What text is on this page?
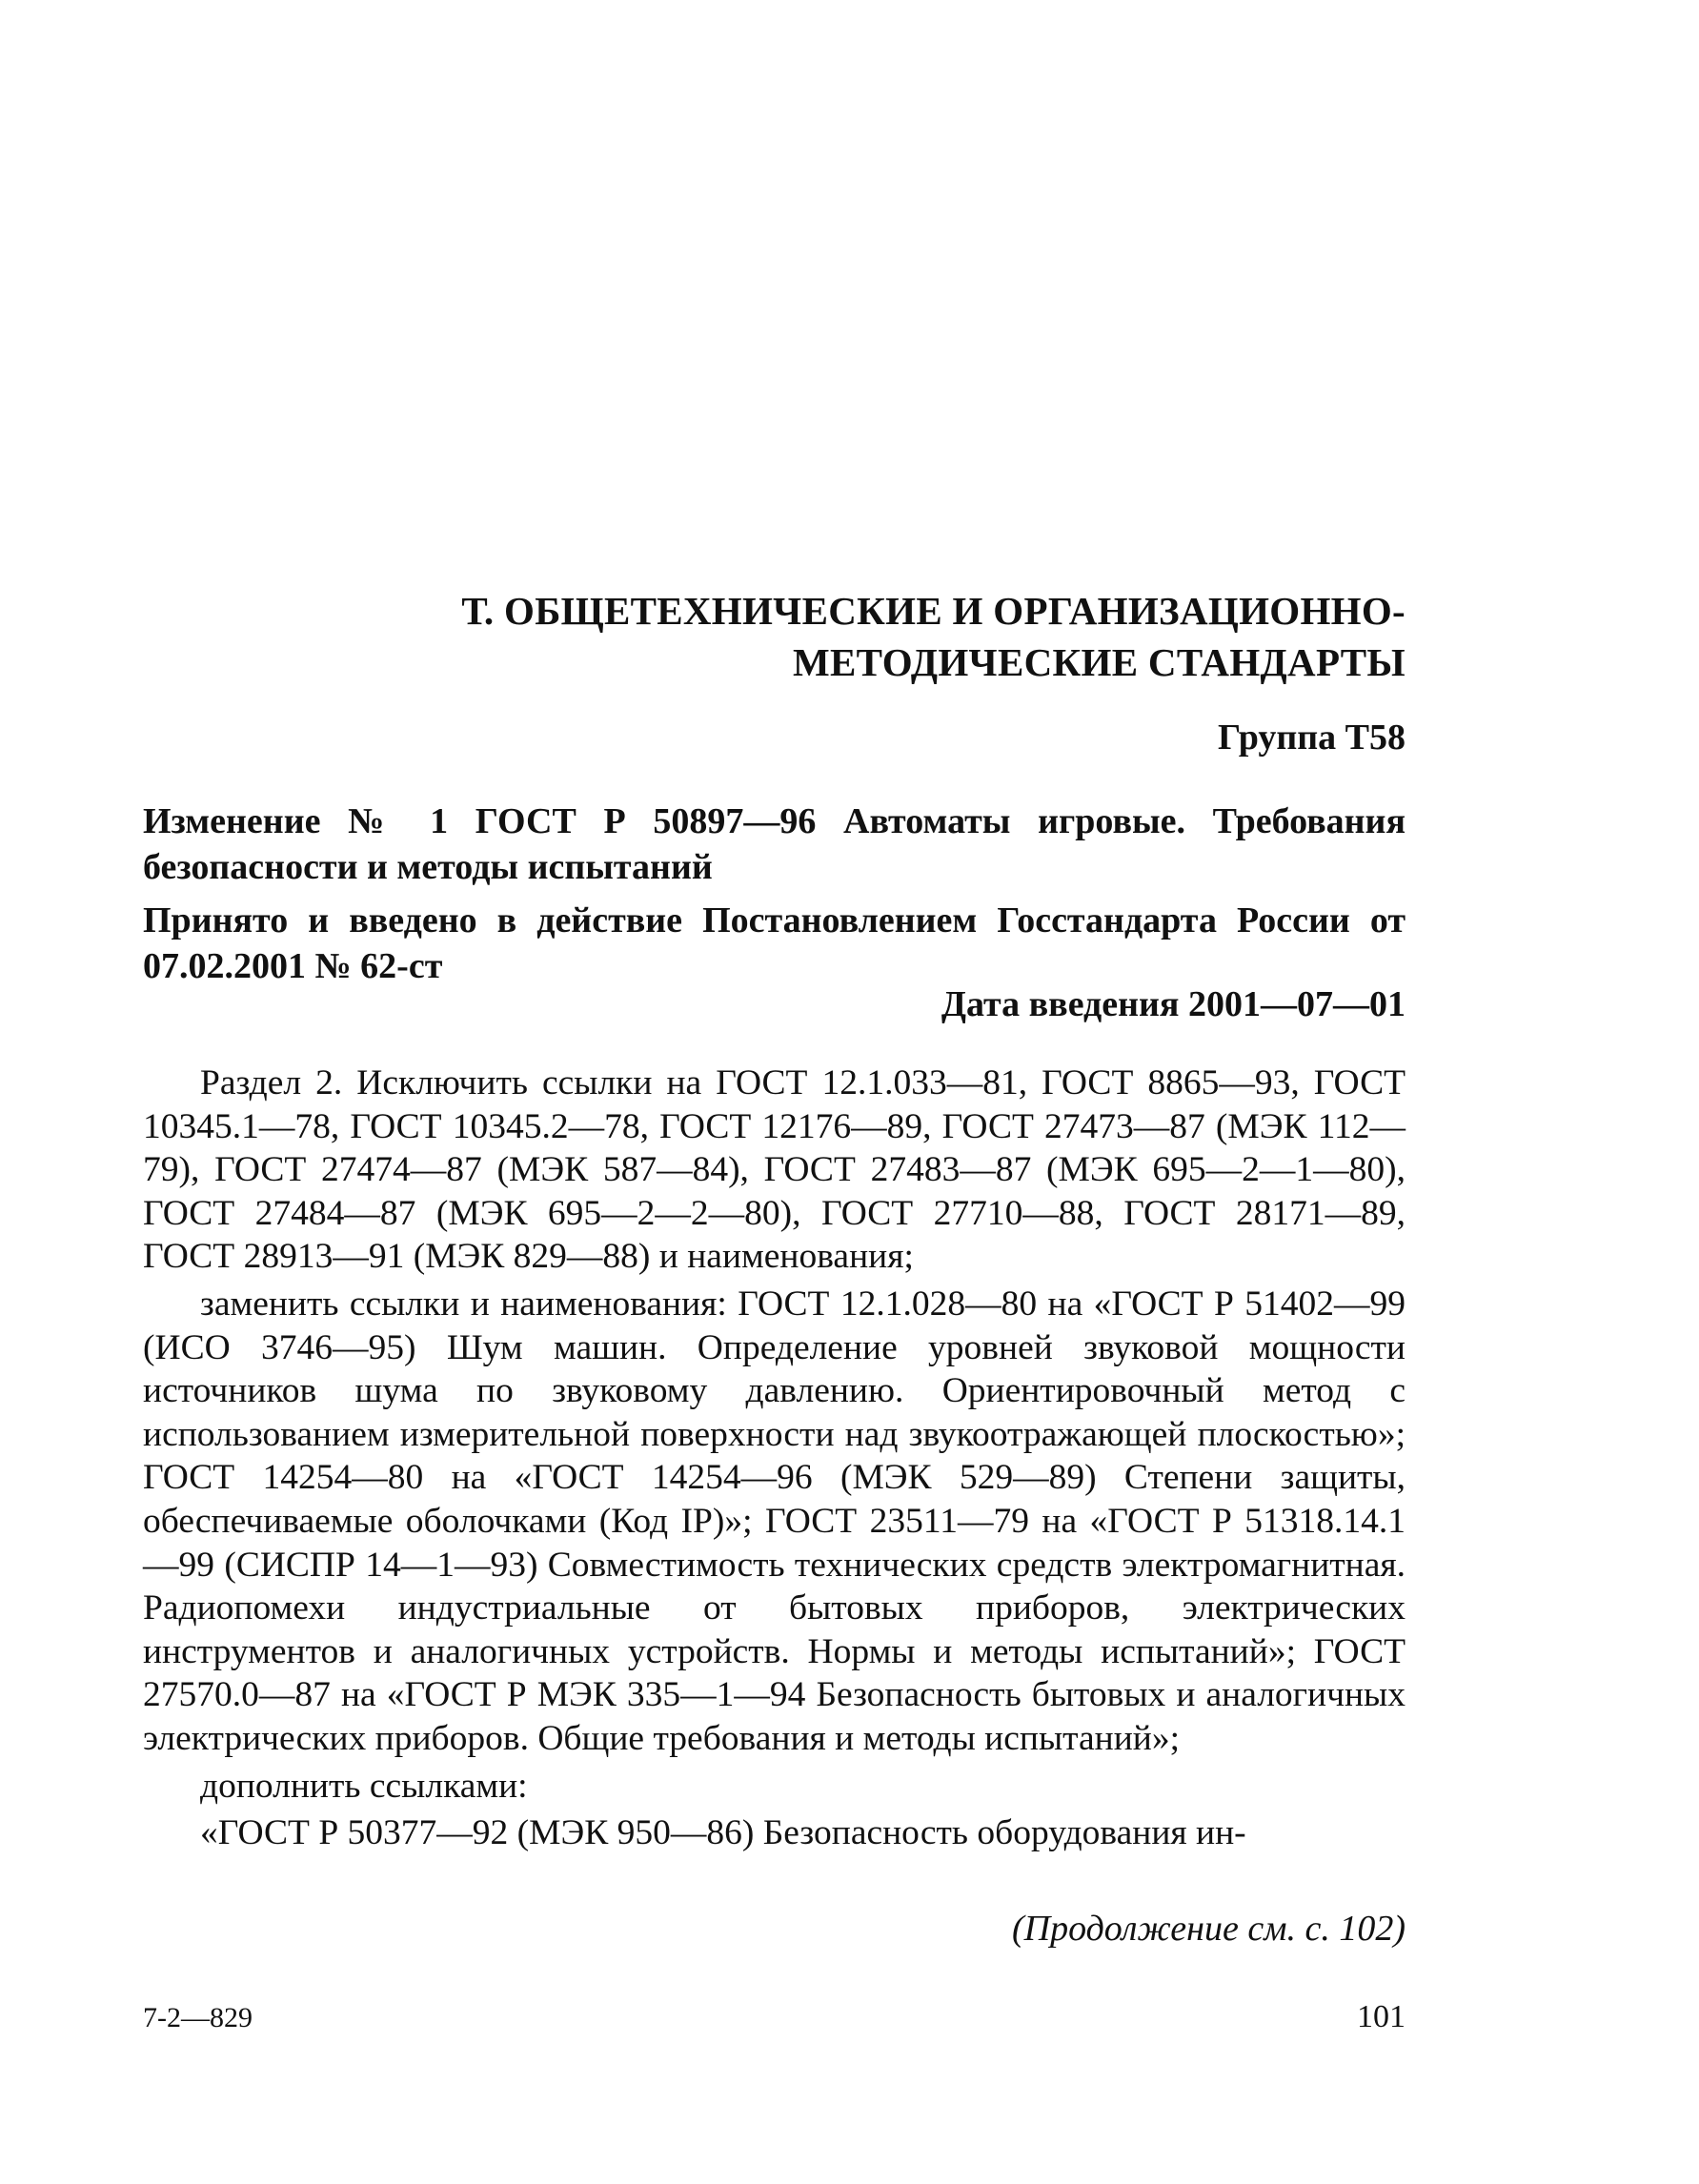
Т. ОБЩЕТЕХНИЧЕСКИЕ И ОРГАНИЗАЦИОННО-
МЕТОДИЧЕСКИЕ СТАНДАРТЫ
Группа Т58
Изменение № 1 ГОСТ Р 50897—96 Автоматы игровые. Требования безопасности и методы испытаний
Принято и введено в действие Постановлением Госстандарта России от 07.02.2001 № 62-ст
Дата введения 2001—07—01

Раздел 2. Исключить ссылки на ГОСТ 12.1.033—81, ГОСТ 8865—93, ГОСТ 10345.1—78, ГОСТ 10345.2—78, ГОСТ 12176—89, ГОСТ 27473—87 (МЭК 112—79), ГОСТ 27474—87 (МЭК 587—84), ГОСТ 27483—87 (МЭК 695—2—1—80), ГОСТ 27484—87 (МЭК 695—2—2—80), ГОСТ 27710—88, ГОСТ 28171—89, ГОСТ 28913—91 (МЭК 829—88) и наименования;

заменить ссылки и наименования: ГОСТ 12.1.028—80 на «ГОСТ Р 51402—99 (ИСО 3746—95) Шум машин. Определение уровней звуковой мощности источников шума по звуковому давлению. Ориентировочный метод с использованием измерительной поверхности над звукоотражающей плоскостью»; ГОСТ 14254—80 на «ГОСТ 14254—96 (МЭК 529—89) Степени защиты, обеспечиваемые оболочками (Код IP)»; ГОСТ 23511—79 на «ГОСТ Р 51318.14.1—99 (СИСПР 14—1—93) Совместимость технических средств электромагнитная. Радиопомехи индустриальные от бытовых приборов, электрических инструментов и аналогичных устройств. Нормы и методы испытаний»; ГОСТ 27570.0—87 на «ГОСТ Р МЭК 335—1—94 Безопасность бытовых и аналогичных электрических приборов. Общие требования и методы испытаний»;

дополнить ссылками:

«ГОСТ Р 50377—92 (МЭК 950—86) Безопасность оборудования ин-

(Продолжение см. с. 102)
7-2—829	101
